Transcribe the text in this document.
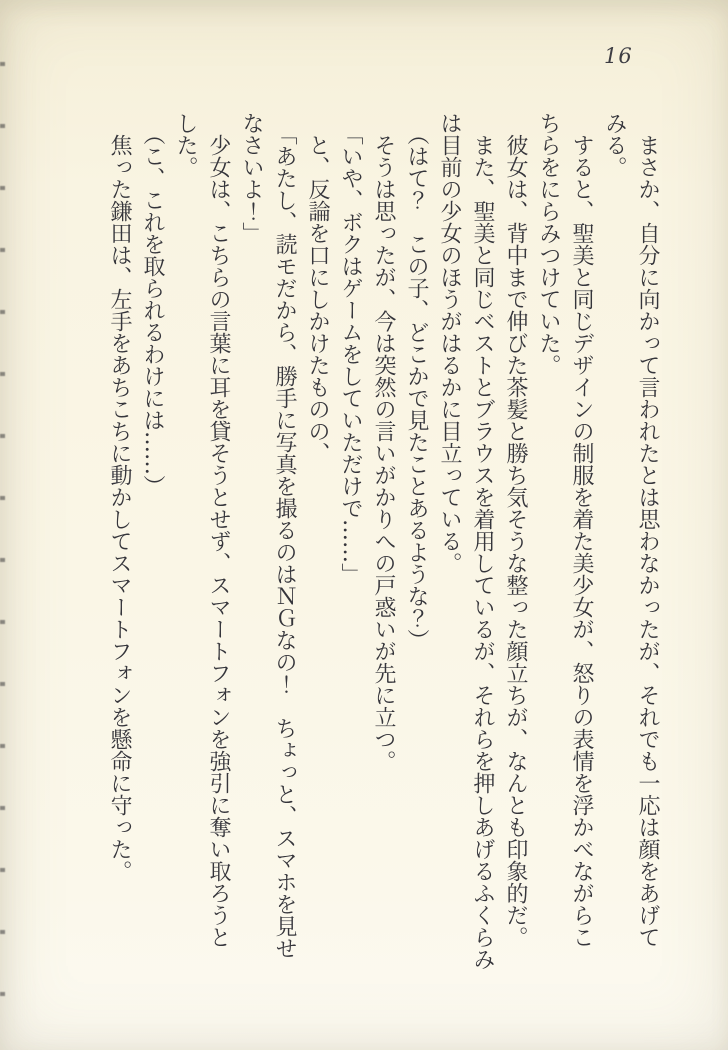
16

　まさか、自分に向かって言われたとは思わなかったが、それでも一応は顔をあげて

みる。

　すると、聖美と同じデザインの制服を着た美少女が、怒りの表情を浮かべながらこ

ちらをにらみつけていた。

　彼女は、背中まで伸びた茶髪と勝ち気そうな整った顔立ちが、なんとも印象的だ。

　また、聖美と同じベストとブラウスを着用しているが、それらを押しあげるふくらみ

は目前の少女のほうがはるかに目立っている。

　（はて？　この子、どこかで見たことあるような？）

　そうは思ったが、今は突然の言いがかりへの戸惑いが先に立つ。

　「いや、ボクはゲームをしていただけで……」

　と、反論を口にしかけたものの、

　「あたし、読モだから、勝手に写真を撮るのはＮＧなの！　ちょっと、スマホを見せ

なさいよ！」

　少女は、こちらの言葉に耳を貸そうとせず、スマートフォンを強引に奪い取ろうと

した。

　（こ、これを取られるわけには……）

　焦った鎌田は、左手をあちこちに動かしてスマートフォンを懸命に守った。
